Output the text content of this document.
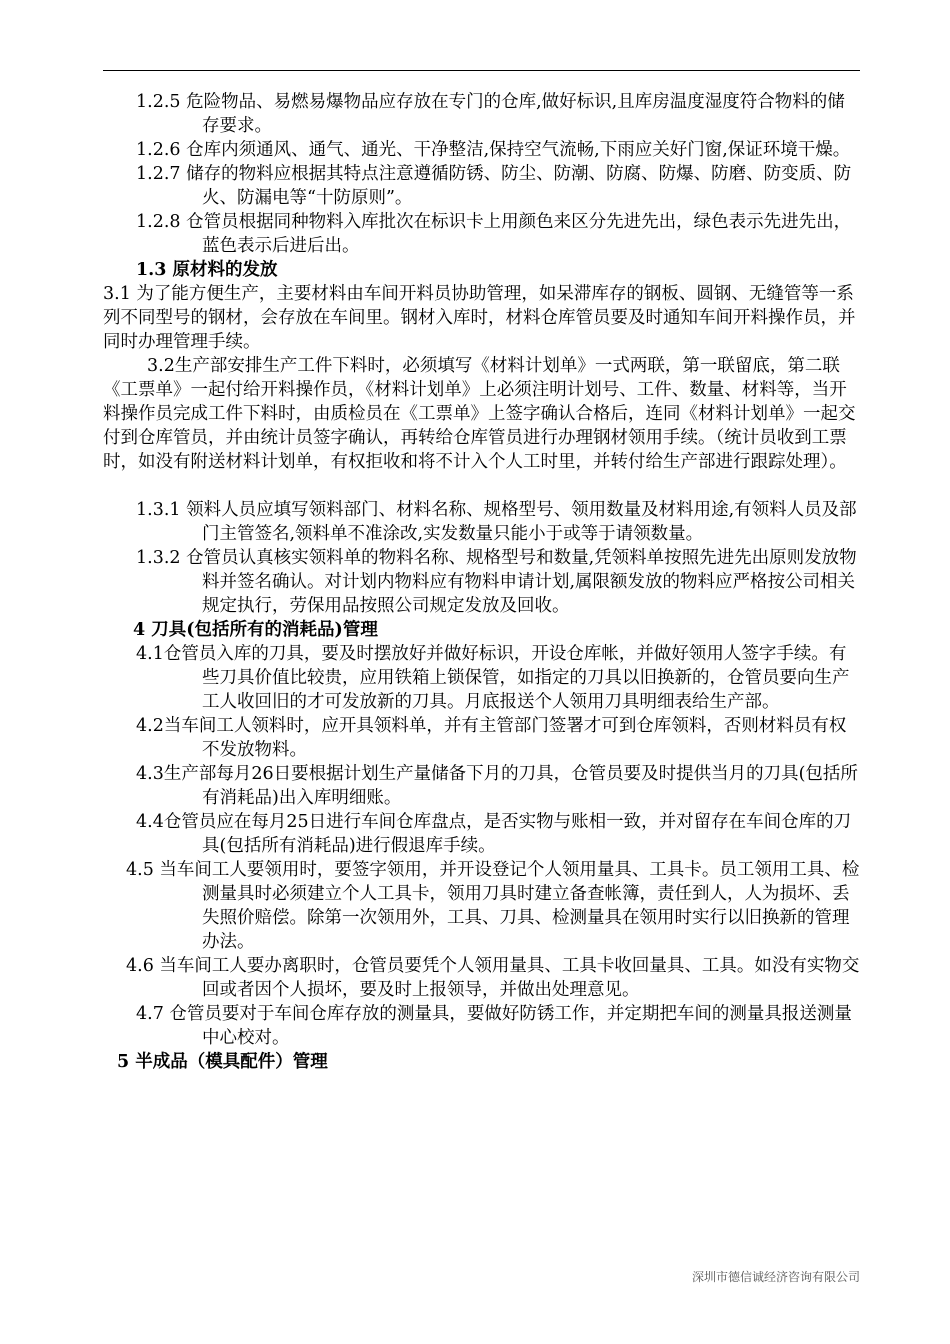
1.2.5 危险物品、易燃易爆物品应存放在专门的仓库,做好标识,且库房温度湿度符合物料的储存要求。

1.2.6 仓库内须通风、通气、通光、干净整洁,保持空气流畅,下雨应关好门窗,保证环境干燥。

1.2.7 储存的物料应根据其特点注意遵循防锈、防尘、防潮、防腐、防爆、防磨、防变质、防火、防漏电等“十防原则”。

1.2.8 仓管员根据同种物料入库批次在标识卡上用颜色来区分先进先出，绿色表示先进先出，蓝色表示后进后出。

1.3 原材料的发放

3.1 为了能方便生产，主要材料由车间开料员协助管理，如呆滞库存的钢板、圆钢、无缝管等一系列不同型号的钢材，会存放在车间里。钢材入库时，材料仓库管员要及时通知车间开料操作员，并同时办理管理手续。

3.2生产部安排生产工件下料时，必须填写《材料计划单》一式两联，第一联留底，第二联《工票单》一起付给开料操作员，《材料计划单》上必须注明计划号、工件、数量、材料等，当开料操作员完成工件下料时，由质检员在《工票单》上签字确认合格后，连同《材料计划单》一起交付到仓库管员，并由统计员签字确认，再转给仓库管员进行办理钢材领用手续。（统计员收到工票时，如没有附送材料计划单，有权拒收和将不计入个人工时里，并转付给生产部进行跟踪处理）。

1.3.1 领料人员应填写领料部门、材料名称、规格型号、领用数量及材料用途,有领料人员及部门主管签名,领料单不准涂改,实发数量只能小于或等于请领数量。

1.3.2 仓管员认真核实领料单的物料名称、规格型号和数量,凭领料单按照先进先出原则发放物料并签名确认。对计划内物料应有物料申请计划,属限额发放的物料应严格按公司相关规定执行，劳保用品按照公司规定发放及回收。

4 刀具(包括所有的消耗品)管理

4.1仓管员入库的刀具，要及时摆放好并做好标识，开设仓库帐，并做好领用人签字手续。有些刀具价值比较贵，应用铁箱上锁保管，如指定的刀具以旧换新的，仓管员要向生产工人收回旧的才可发放新的刀具。月底报送个人领用刀具明细表给生产部。

4.2当车间工人领料时，应开具领料单，并有主管部门签署才可到仓库领料，否则材料员有权不发放物料。

4.3生产部每月26日要根据计划生产量储备下月的刀具，仓管员要及时提供当月的刀具(包括所有消耗品)出入库明细账。

4.4仓管员应在每月25日进行车间仓库盘点，是否实物与账相一致，并对留存在车间仓库的刀具(包括所有消耗品)进行假退库手续。

4.5 当车间工人要领用时，要签字领用，并开设登记个人领用量具、工具卡。员工领用工具、检测量具时必须建立个人工具卡，领用刀具时建立备查帐簿，责任到人，人为损坏、丢失照价赔偿。除第一次领用外，工具、刀具、检测量具在领用时实行以旧换新的管理办法。

4.6 当车间工人要办离职时，仓管员要凭个人领用量具、工具卡收回量具、工具。如没有实物交回或者因个人损坏，要及时上报领导，并做出处理意见。

4.7 仓管员要对于车间仓库存放的测量具，要做好防锈工作，并定期把车间的测量具报送测量中心校对。

5 半成品（模具配件）管理

深圳市德信诚经济咨询有限公司
